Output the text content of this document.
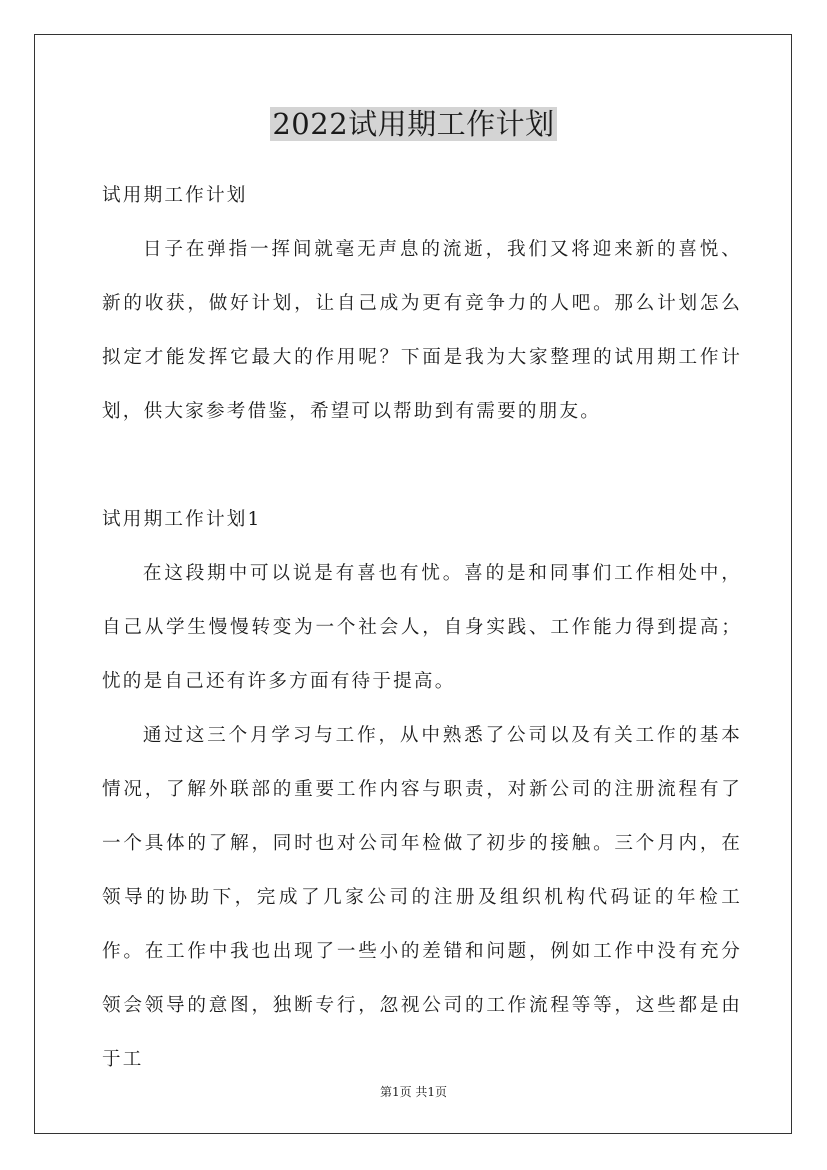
2022试用期工作计划

试用期工作计划

日子在弹指一挥间就毫无声息的流逝，我们又将迎来新的喜悦、新的收获，做好计划，让自己成为更有竞争力的人吧。那么计划怎么拟定才能发挥它最大的作用呢？下面是我为大家整理的试用期工作计划，供大家参考借鉴，希望可以帮助到有需要的朋友。

试用期工作计划1

在这段期中可以说是有喜也有忧。喜的是和同事们工作相处中，自己从学生慢慢转变为一个社会人，自身实践、工作能力得到提高；忧的是自己还有许多方面有待于提高。

通过这三个月学习与工作，从中熟悉了公司以及有关工作的基本情况，了解外联部的重要工作内容与职责，对新公司的注册流程有了一个具体的了解，同时也对公司年检做了初步的接触。三个月内，在领导的协助下，完成了几家公司的注册及组织机构代码证的年检工作。在工作中我也出现了一些小的差错和问题，例如工作中没有充分领会领导的意图，独断专行，忽视公司的工作流程等等，这些都是由于工

第1页 共1页
